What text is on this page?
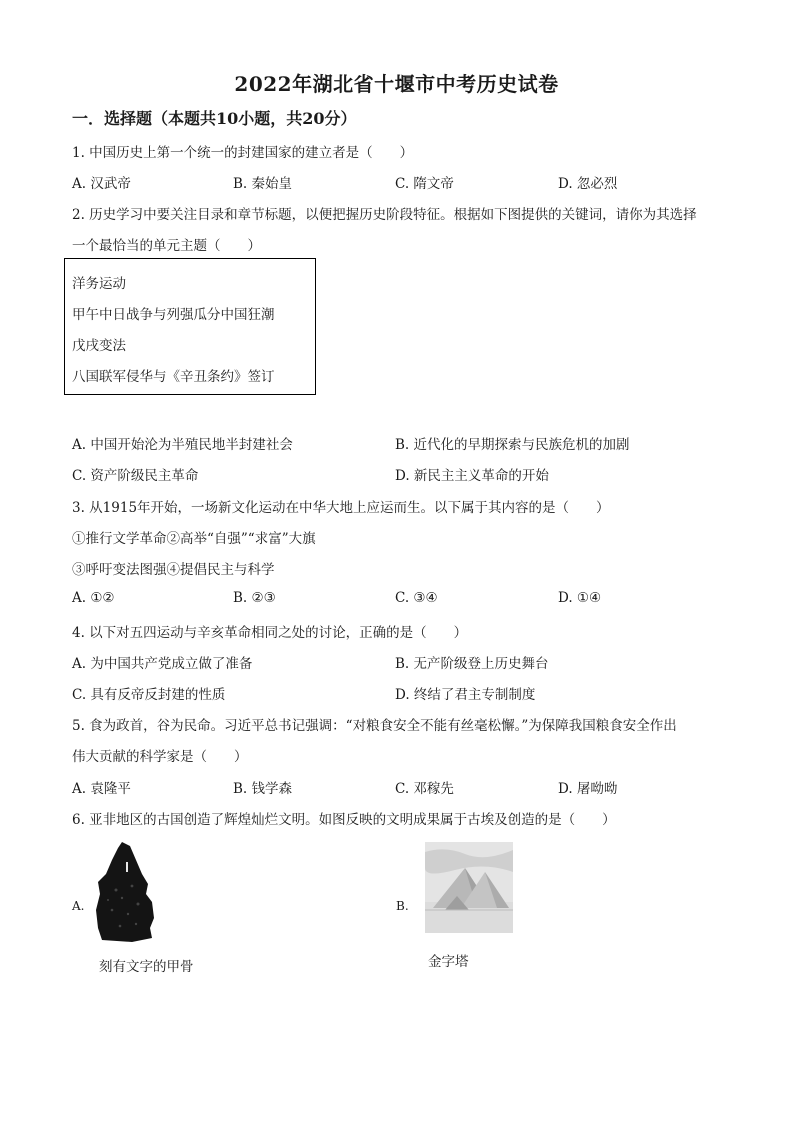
2022年湖北省十堰市中考历史试卷
一．选择题（本题共10小题，共20分）
1. 中国历史上第一个统一的封建国家的建立者是（　　）
A. 汉武帝	B. 秦始皇	C. 隋文帝	D. 忽必烈
2. 历史学习中要关注目录和章节标题，以便把握历史阶段特征。根据如下图提供的关键词，请你为其选择
一个最恰当的单元主题（　　）
洋务运动
甲午中日战争与列强瓜分中国狂潮
戊戌变法
八国联军侵华与《辛丑条约》签订
A. 中国开始沦为半殖民地半封建社会	B. 近代化的早期探索与民族危机的加剧
C. 资产阶级民主革命	D. 新民主主义革命的开始
3. 从1915年开始，一场新文化运动在中华大地上应运而生。以下属于其内容的是（　　）
①推行文学革命②高举“自强”“求富”大旗
③呼吁变法图强④提倡民主与科学
A. ①②	B. ②③	C. ③④	D. ①④
4. 以下对五四运动与辛亥革命相同之处的讨论，正确的是（　　）
A. 为中国共产党成立做了准备	B. 无产阶级登上历史舞台
C. 具有反帝反封建的性质	D. 终结了君主专制制度
5. 食为政首，谷为民命。习近平总书记强调：“对粮食安全不能有丝毫松懈。”为保障我国粮食安全作出
伟大贡献的科学家是（　　）
A. 袁隆平	B. 钱学森	C. 邓稼先	D. 屠呦呦
6. 亚非地区的古国创造了辉煌灿烂文明。如图反映的文明成果属于古埃及创造的是（　　）
A.
刻有文字的甲骨
B.
金字塔
